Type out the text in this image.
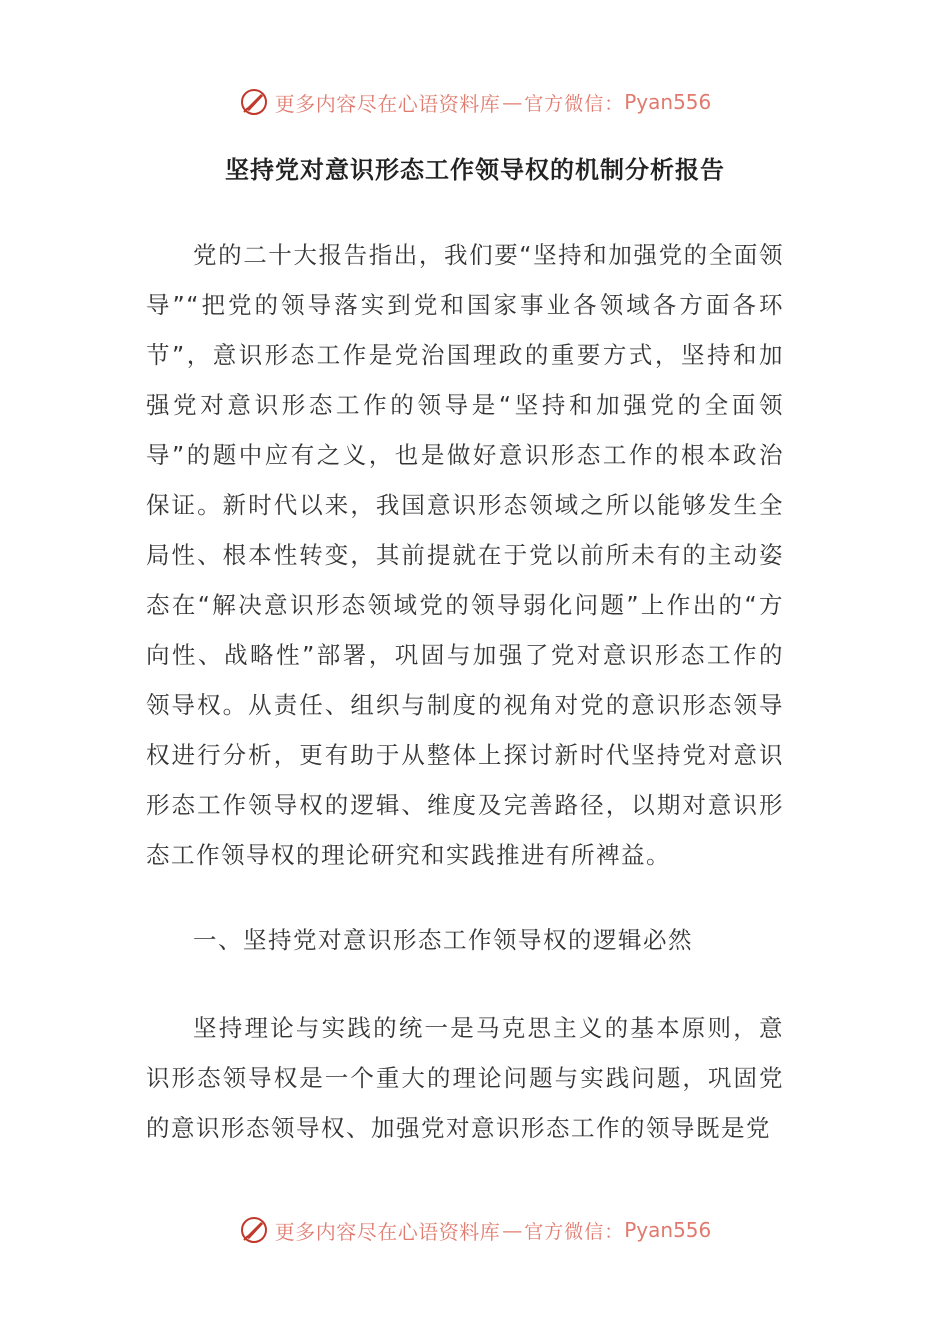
更多内容尽在心语资料库 — 官方微信： Pyan556
坚持党对意识形态工作领导权的机制分析报告

党的二十大报告指出，我们要“坚持和加强党的全面领导”“把党的领导落实到党和国家事业各领域各方面各环节”，意识形态工作是党治国理政的重要方式，坚持和加强党对意识形态工作的领导是“坚持和加强党的全面领导”的题中应有之义，也是做好意识形态工作的根本政治保证。新时代以来，我国意识形态领域之所以能够发生全局性、根本性转变，其前提就在于党以前所未有的主动姿态在“解决意识形态领域党的领导弱化问题”上作出的“方向性、战略性”部署，巩固与加强了党对意识形态工作的领导权。从责任、组织与制度的视角对党的意识形态领导权进行分析，更有助于从整体上探讨新时代坚持党对意识形态工作领导权的逻辑、维度及完善路径，以期对意识形态工作领导权的理论研究和实践推进有所裨益。

一、坚持党对意识形态工作领导权的逻辑必然

坚持理论与实践的统一是马克思主义的基本原则，意识形态领导权是一个重大的理论问题与实践问题，巩固党的意识形态领导权、加强党对意识形态工作的领导既是党

更多内容尽在心语资料库 — 官方微信： Pyan556
